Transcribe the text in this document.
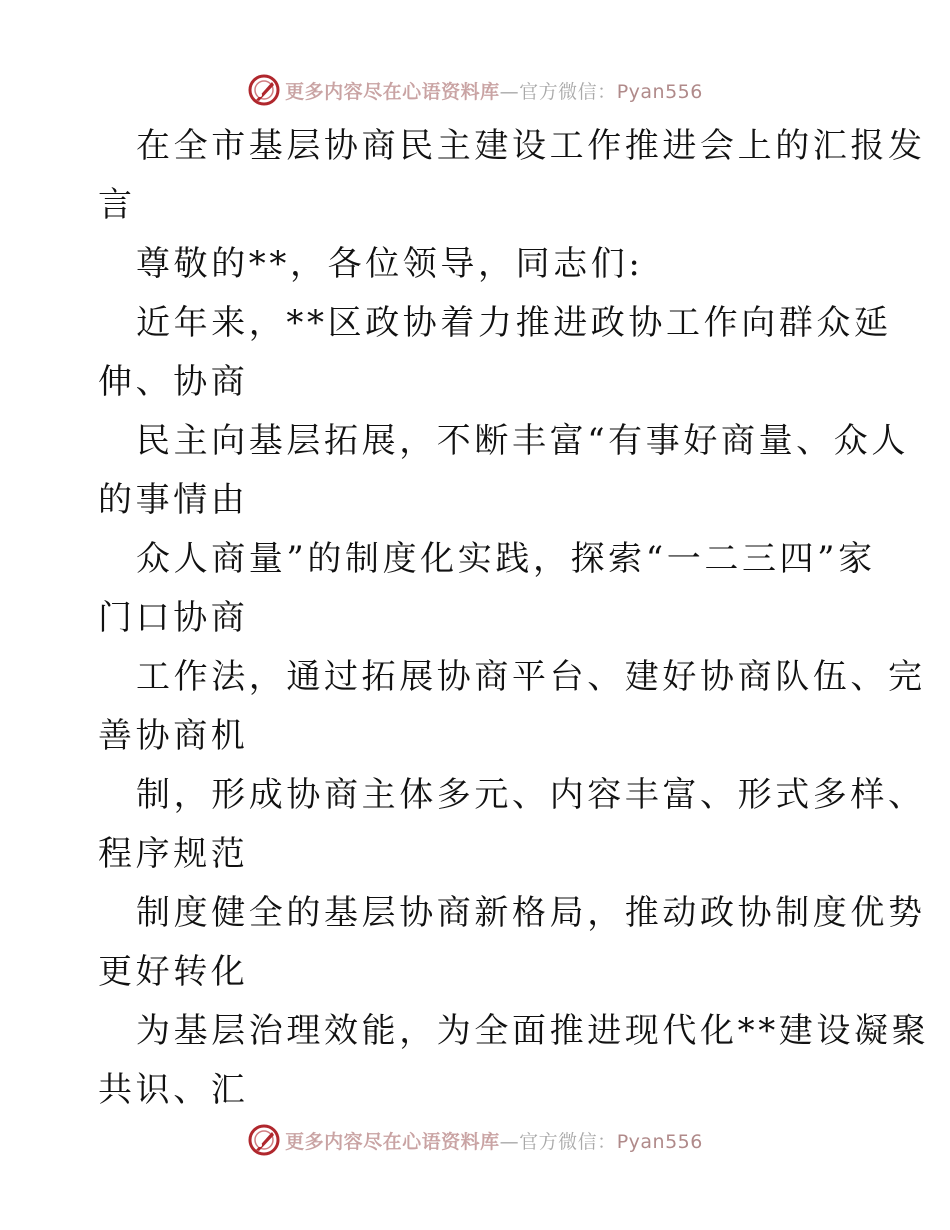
更多内容尽在心语资料库—官方微信：Pyan556
在全市基层协商民主建设工作推进会上的汇报发
言
尊敬的**，各位领导，同志们:
近年来，**区政协着力推进政协工作向群众延
伸、协商
民主向基层拓展，不断丰富“有事好商量、众人
的事情由
众人商量”的制度化实践，探索“一二三四”家
门口协商
工作法，通过拓展协商平台、建好协商队伍、完
善协商机
制，形成协商主体多元、内容丰富、形式多样、
程序规范
制度健全的基层协商新格局，推动政协制度优势
更好转化
为基层治理效能，为全面推进现代化**建设凝聚
共识、汇
更多内容尽在心语资料库—官方微信：Pyan556
